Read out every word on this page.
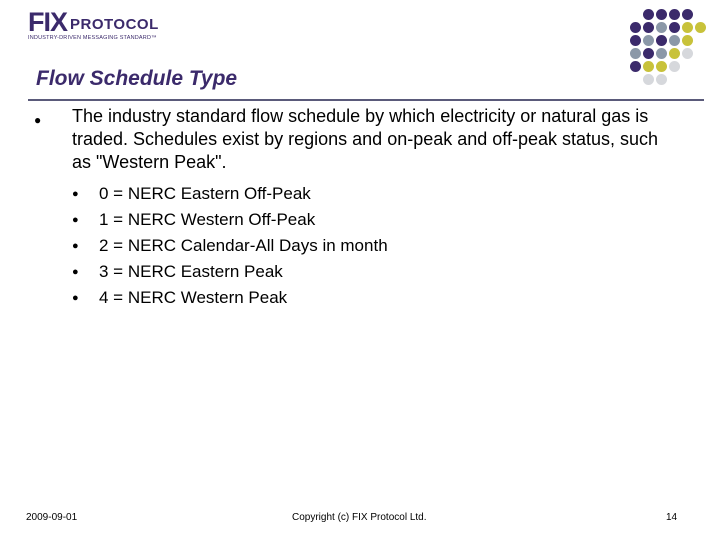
FIX PROTOCOL
INDUSTRY-DRIVEN MESSAGING STANDARD™
Flow Schedule Type
● The industry standard flow schedule by which electricity or natural gas is traded. Schedules exist by regions and on-peak and off-peak status, such as "Western Peak".
● 0 = NERC Eastern Off-Peak
● 1 = NERC Western Off-Peak
● 2 = NERC Calendar-All Days in month
● 3 = NERC Eastern Peak
● 4 = NERC Western Peak
2009-09-01	Copyright (c) FIX Protocol Ltd.	14
